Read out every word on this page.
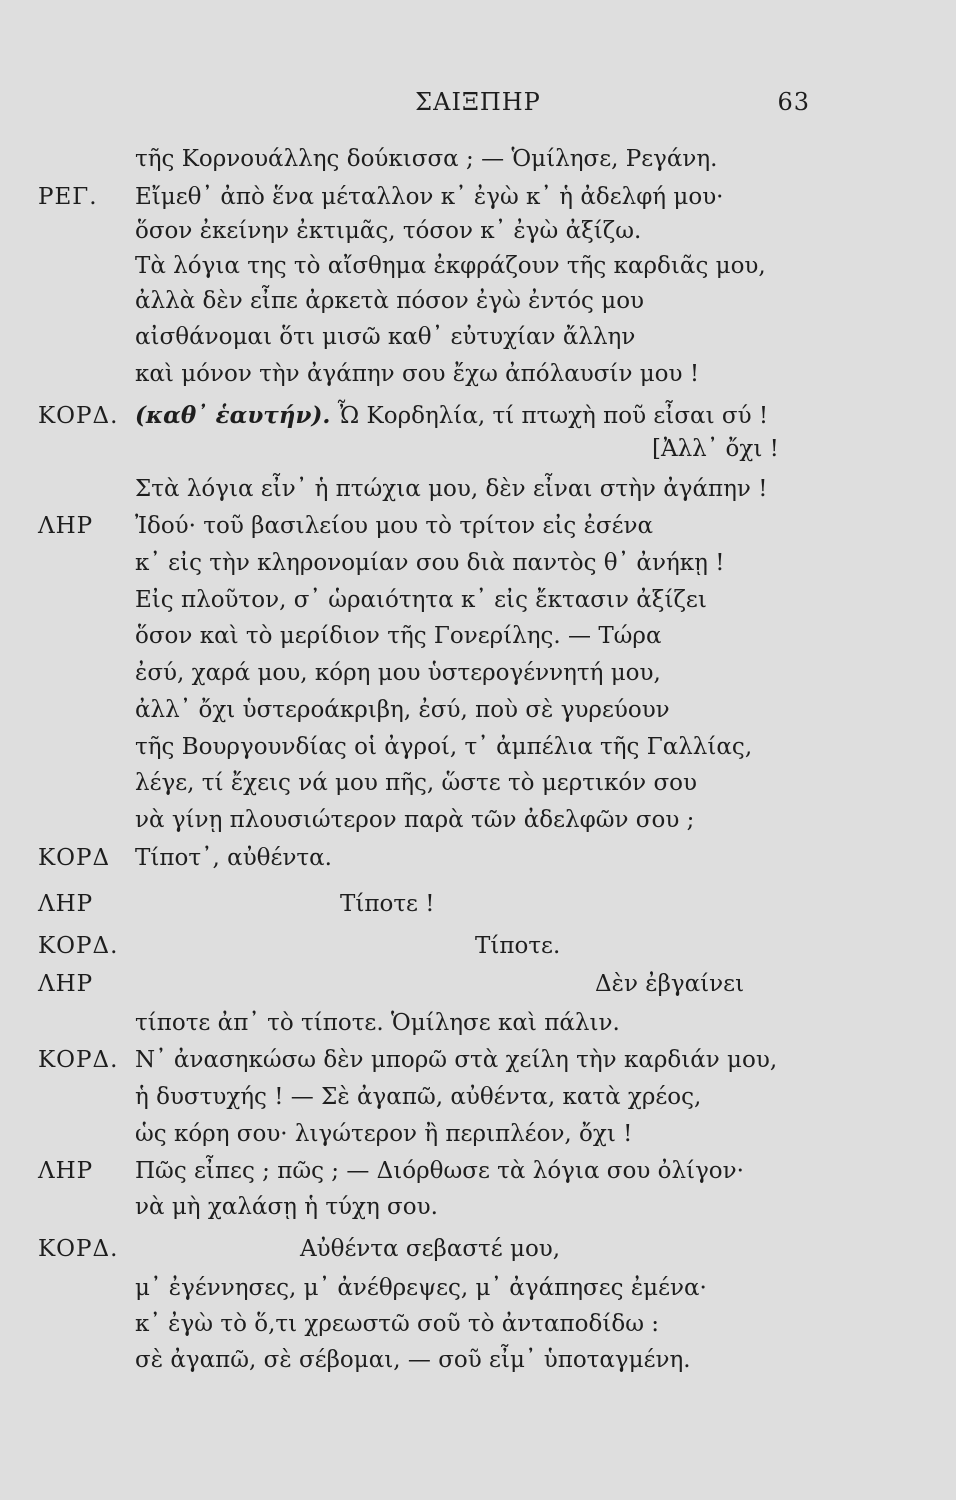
ΣΑΙΞΠΗΡ	63
τῆς Κορνουάλλης δούκισσα ; — Ὁμίλησε, Ρεγάνη.
ΡΕΓ. Εἴμεθ᾽ ἀπὸ ἕνα μέταλλον κ᾽ ἐγὼ κ᾽ ἡ ἀδελφή μου·
ὅσον ἐκείνην ἐκτιμᾶς, τόσον κ᾽ ἐγὼ ἀξίζω.
Τὰ λόγια της τὸ αἴσθημα ἐκφράζουν τῆς καρδιᾶς μου,
ἀλλὰ δὲν εἶπε ἀρκετὰ πόσον ἐγὼ ἐντός μου
αἰσθάνομαι ὅτι μισῶ καθ᾽ εὐτυχίαν ἄλλην
καὶ μόνον τὴν ἀγάπην σου ἔχω ἀπόλαυσίν μου !
ΚΟΡΔ. (καθ᾽ ἑαυτήν). Ὦ Κορδηλία, τί πτωχὴ ποῦ εἶσαι σύ !
[Ἀλλ᾽ ὄχι !
Στὰ λόγια εἶν᾽ ἡ πτώχια μου, δὲν εἶναι στὴν ἀγάπην !
ΛΗΡ Ἰδού· τοῦ βασιλείου μου τὸ τρίτον εἰς ἐσένα
κ᾽ εἰς τὴν κληρονομίαν σου διὰ παντὸς θ᾽ ἀνήκῃ !
Εἰς πλοῦτον, σ᾽ ὡραιότητα κ᾽ εἰς ἔκτασιν ἀξίζει
ὅσον καὶ τὸ μερίδιον τῆς Γονερίλης. — Τώρα
ἐσύ, χαρά μου, κόρη μου ὑστερογέννητή μου,
ἀλλ᾽ ὄχι ὑστεροάκριβη, ἐσύ, ποὺ σὲ γυρεύουν
τῆς Βουργουνδίας οἱ ἀγροί, τ᾽ ἀμπέλια τῆς Γαλλίας,
λέγε, τί ἔχεις νά μου πῆς, ὥστε τὸ μερτικόν σου
νὰ γίνῃ πλουσιώτερον παρὰ τῶν ἀδελφῶν σου ;
ΚΟΡΔ Τίποτ᾽, αὐθέντα.
ΛΗΡ	Τίποτε !
ΚΟΡΔ.	Τίποτε.
ΛΗΡ	Δὲν ἐβγαίνει
τίποτε ἀπ᾽ τὸ τίποτε. Ὁμίλησε καὶ πάλιν.
ΚΟΡΔ. Ν᾽ ἀνασηκώσω δὲν μπορῶ στὰ χείλη τὴν καρδιάν μου,
ἡ δυστυχής ! — Σὲ ἀγαπῶ, αὐθέντα, κατὰ χρέος,
ὡς κόρη σου· λιγώτερον ἢ περιπλέον, ὄχι !
ΛΗΡ Πῶς εἶπες ; πῶς ; — Διόρθωσε τὰ λόγια σου ὀλίγον·
νὰ μὴ χαλάσῃ ἡ τύχη σου.
ΚΟΡΔ.	Αὐθέντα σεβαστέ μου,
μ᾽ ἐγέννησες, μ᾽ ἀνέθρεψες, μ᾽ ἀγάπησες ἐμένα·
κ᾽ ἐγὼ τὸ ὅ,τι χρεωστῶ σοῦ τὸ ἀνταποδίδω :
σὲ ἀγαπῶ, σὲ σέβομαι, — σοῦ εἶμ᾽ ὑποταγμένη.
